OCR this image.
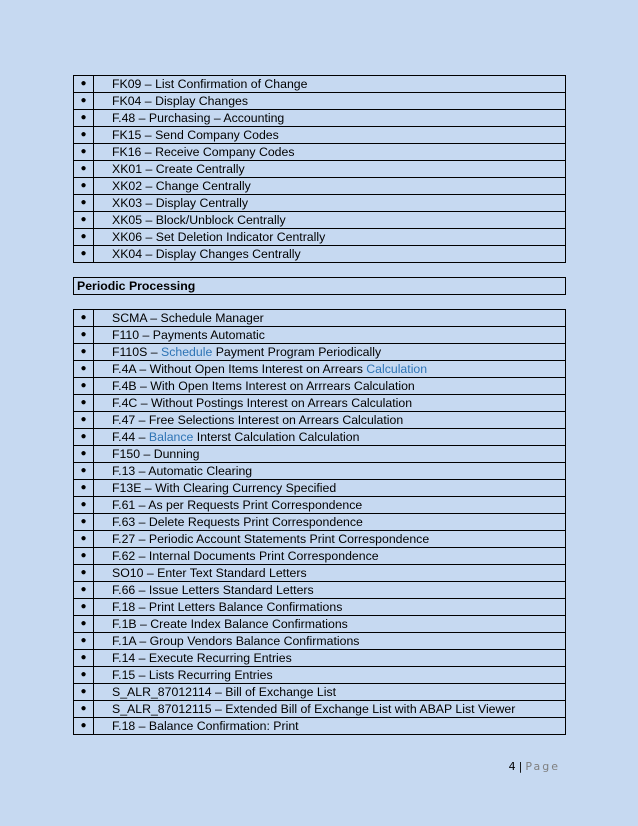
●	FK09 – List Confirmation of Change
●	FK04 – Display Changes
●	F.48 – Purchasing – Accounting
●	FK15 – Send Company Codes
●	FK16 – Receive Company Codes
●	XK01 – Create Centrally
●	XK02 – Change Centrally
●	XK03 – Display Centrally
●	XK05 – Block/Unblock Centrally
●	XK06 – Set Deletion Indicator Centrally
●	XK04 – Display Changes Centrally
Periodic Processing
●	SCMA – Schedule Manager
●	F110 – Payments Automatic
●	F110S – Schedule Payment Program Periodically
●	F.4A – Without Open Items Interest on Arrears Calculation
●	F.4B – With Open Items Interest on Arrrears Calculation
●	F.4C – Without Postings Interest on Arrears Calculation
●	F.47 – Free Selections Interest on Arrears Calculation
●	F.44 – Balance Interst Calculation Calculation
●	F150 – Dunning
●	F.13 – Automatic Clearing
●	F13E – With Clearing Currency Specified
●	F.61 – As per Requests Print Correspondence
●	F.63 – Delete Requests Print Correspondence
●	F.27 – Periodic Account Statements Print Correspondence
●	F.62 – Internal Documents Print Correspondence
●	SO10 – Enter Text Standard Letters
●	F.66 – Issue Letters Standard Letters
●	F.18 – Print Letters Balance Confirmations
●	F.1B – Create Index Balance Confirmations
●	F.1A – Group Vendors Balance Confirmations
●	F.14 – Execute Recurring Entries
●	F.15 – Lists Recurring Entries
●	S_ALR_87012114 – Bill of Exchange List
●	S_ALR_87012115 – Extended Bill of Exchange List with ABAP List Viewer
●	F.18 – Balance Confirmation: Print
4 | Page
